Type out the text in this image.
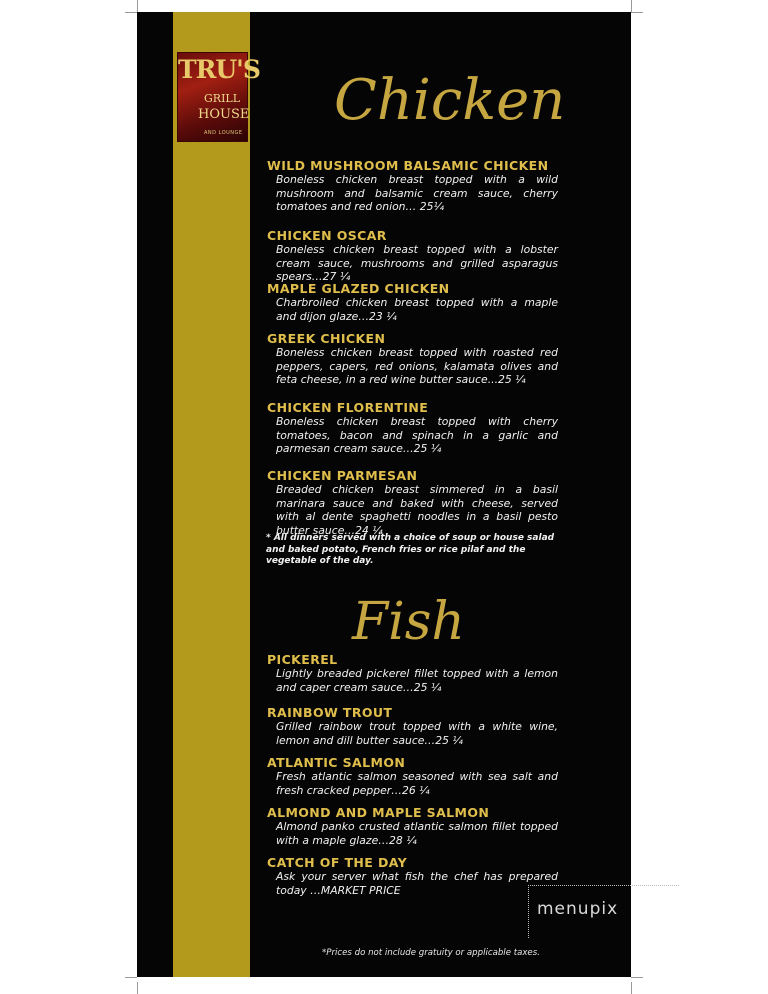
TRU'S
GRILL
HOUSE
AND LOUNGE Chicken
WILD MUSHROOM BALSAMIC CHICKEN
Boneless chicken breast topped with a wild mushroom and balsamic cream sauce, cherry tomatoes and red onion… 25¼
CHICKEN OSCAR
Boneless chicken breast topped with a lobster cream sauce, mushrooms and grilled asparagus spears…27 ¼
MAPLE GLAZED CHICKEN
Charbroiled chicken breast topped with a maple and dijon glaze…23 ¼
GREEK CHICKEN
Boneless chicken breast topped with roasted red peppers, capers, red onions, kalamata olives and feta cheese, in a red wine butter sauce...25 ¼
CHICKEN FLORENTINE
Boneless chicken breast topped with cherry tomatoes, bacon and spinach in a garlic and parmesan cream sauce…25 ¼
CHICKEN PARMESAN
Breaded chicken breast simmered in a basil marinara sauce and baked with cheese, served with al dente spaghetti noodles in a basil pesto butter sauce…24 ¼
* All dinners served with a choice of soup or house salad and baked potato, French fries or rice pilaf and the vegetable of the day.
Fish
PICKEREL
Lightly breaded pickerel fillet topped with a lemon and caper cream sauce…25 ¼
RAINBOW TROUT
Grilled rainbow trout topped with a white wine, lemon and dill butter sauce…25 ¼
ATLANTIC SALMON
Fresh atlantic salmon seasoned with sea salt and fresh cracked pepper…26 ¼
ALMOND AND MAPLE SALMON
Almond panko crusted atlantic salmon fillet topped with a maple glaze…28 ¼
CATCH OF THE DAY
Ask your server what fish the chef has prepared today …MARKET PRICE
*Prices do not include gratuity or applicable taxes.
menupix
